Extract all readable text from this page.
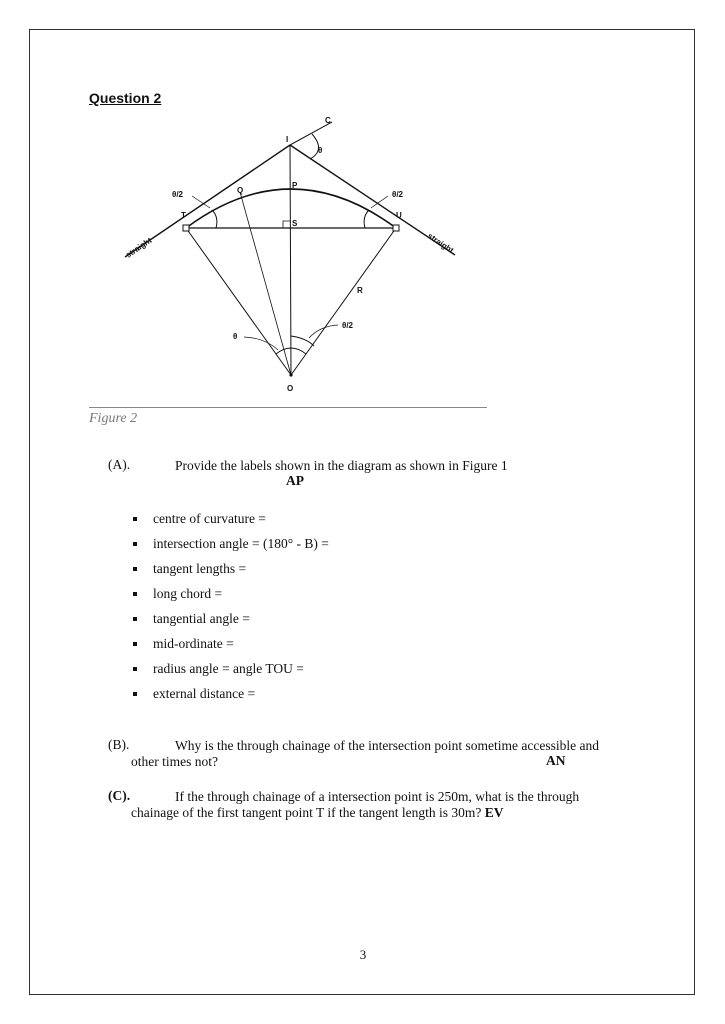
Question 2
I
C
θ
P
Q
θ/2	θ/2
T	U
S
straight	straight
R
θ
θ/2
O
Figure 2
(A).	Provide the labels shown in the diagram as shown in Figure 1
AP
centre of curvature =
intersection angle = (180° - B) =
tangent lengths =
long chord =
tangential angle =
mid-ordinate =
radius angle = angle TOU =
external distance =
(B).	Why is the through chainage of the intersection point sometime accessible and
other times not?	AN
(C).	If the through chainage of a intersection point is 250m, what is the through
chainage of the first tangent point T if the tangent length is 30m? EV
3
